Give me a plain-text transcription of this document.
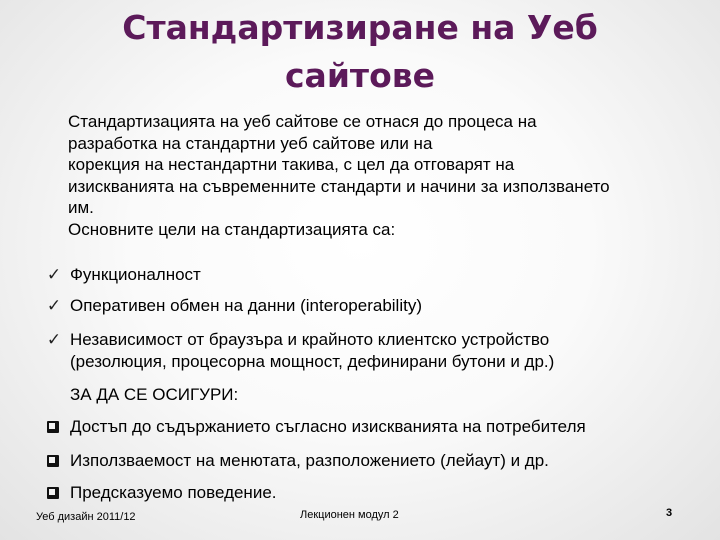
Стандартизиране на Уеб
сайтове
Стандартизацията на уеб сайтове се отнася до процеса на
разработка на стандартни уеб сайтове или на
корекция на нестандартни такива, с цел да отговарят на
изискванията на съвременните стандарти и начини за използването
им.
Основните цели на стандартизацията са:
✓ Функционалност
✓ Оперативен обмен на данни (interoperability)
✓ Независимост от браузъра и крайното клиентско устройство
(резолюция, процесорна мощност, дефинирани бутони и др.)
ЗА ДА СЕ ОСИГУРИ:
Достъп до съдържанието съгласно изискванията на потребителя
Използваемост на менютата, разположението (лейаут) и др.
Предсказуемо поведение.
Уеб дизайн 2011/12	Лекционен модул 2	3
